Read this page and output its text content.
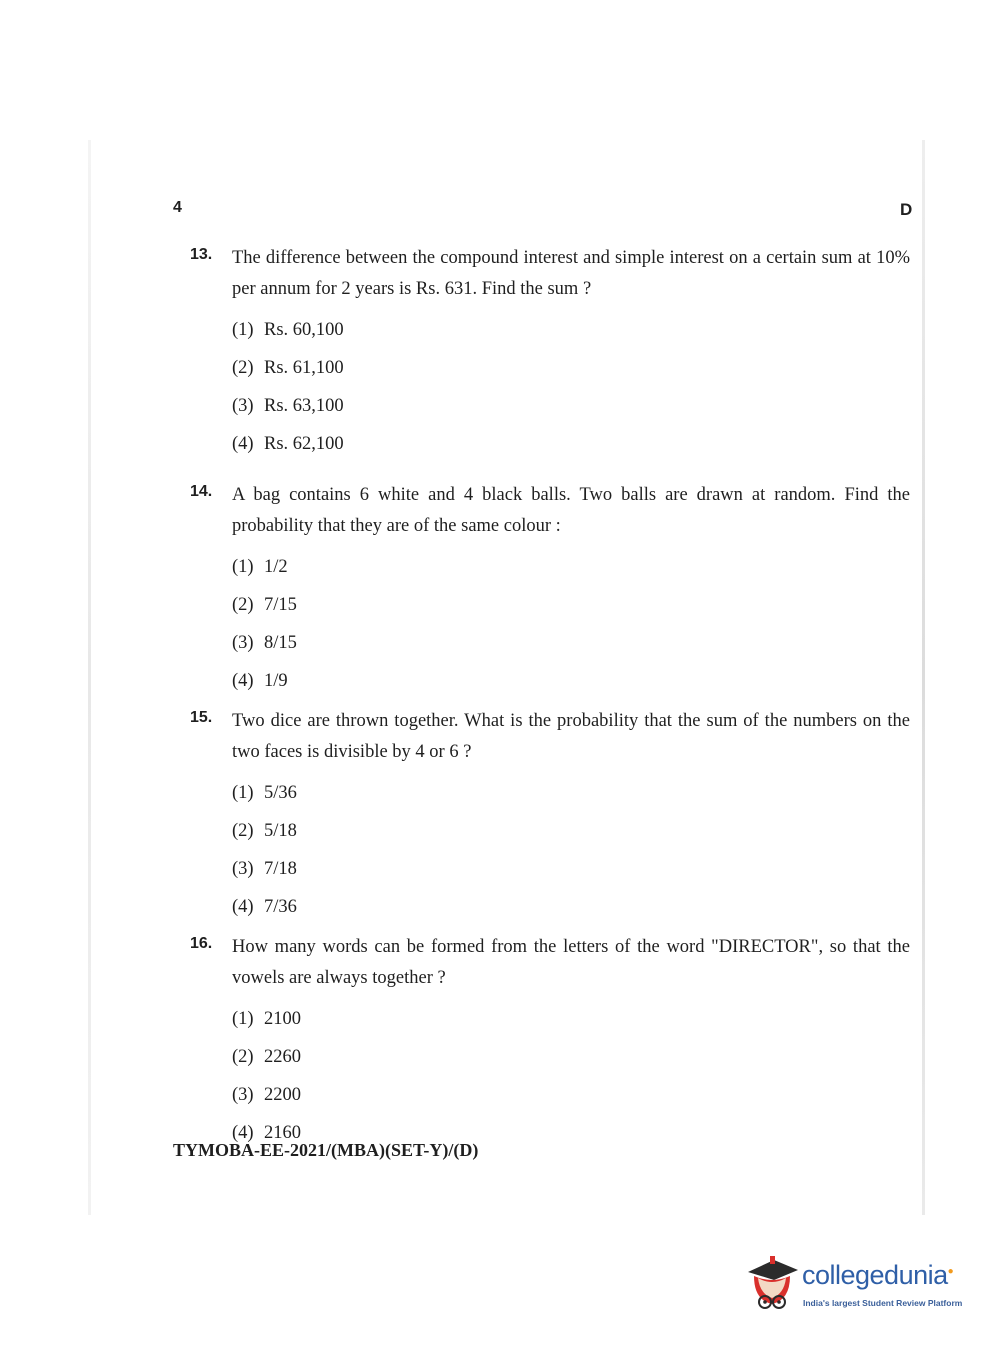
4	D
13.	The difference between the compound interest and simple interest on a certain sum at 10% per annum for 2 years is Rs. 631. Find the sum ?
(1) Rs. 60,100
(2) Rs. 61,100
(3) Rs. 63,100
(4) Rs. 62,100
14.	A bag contains 6 white and 4 black balls. Two balls are drawn at random. Find the probability that they are of the same colour :
(1) 1/2
(2) 7/15
(3) 8/15
(4) 1/9
15.	Two dice are thrown together. What is the probability that the sum of the numbers on the two faces is divisible by 4 or 6 ?
(1) 5/36
(2) 5/18
(3) 7/18
(4) 7/36
16.	How many words can be formed from the letters of the word "DIRECTOR", so that the vowels are always together ?
(1) 2100
(2) 2260
(3) 2200
(4) 2160
TYMOBA-EE-2021/(MBA)(SET-Y)/(D)
collegedunia●
India's largest Student Review Platform
